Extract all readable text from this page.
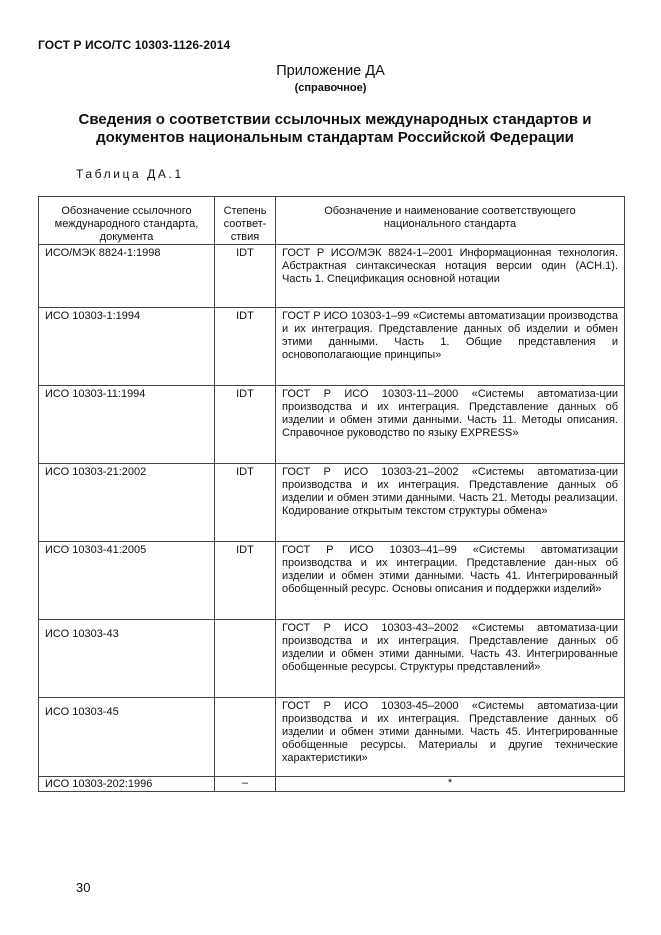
ГОСТ Р ИСО/ТС 10303-1126-2014
Приложение ДА
(справочное)
Сведения о соответствии ссылочных международных стандартов и документов национальным стандартам Российской Федерации
Таблица ДА.1
Обозначение ссылочного международного стандарта, документа	Степень соответ-ствия	Обозначение и наименование соответствующего национального стандарта
ИСО/МЭК 8824-1:1998	IDT	ГОСТ Р ИСО/МЭК 8824-1–2001 Информационная технология. Абстрактная синтаксическая нотация версии один (АСН.1). Часть 1. Спецификация основной нотации
ИСО 10303-1:1994	IDT	ГОСТ Р ИСО 10303-1–99 «Системы автоматизации производства и их интеграция. Представление данных об изделии и обмен этими данными. Часть 1. Общие представления и основополагающие принципы»
ИСО 10303-11:1994	IDT	ГОСТ Р ИСО 10303-11–2000 «Системы автоматиза-ции производства и их интеграция. Представление данных об изделии и обмен этими данными. Часть 11. Методы описания. Справочное руководство по языку EXPRESS»
ИСО 10303-21:2002	IDT	ГОСТ Р ИСО 10303-21–2002 «Системы автоматиза-ции производства и их интеграция. Представление данных об изделии и обмен этими данными. Часть 21. Методы реализации. Кодирование открытым текстом структуры обмена»
ИСО 10303-41:2005	IDT	ГОСТ Р ИСО 10303–41–99 «Системы автоматизации производства и их интеграции. Представление дан-ных об изделии и обмен этими данными. Часть 41. Интегрированный обобщенный ресурс. Основы описания и поддержки изделий»
ИСО 10303-43		ГОСТ Р ИСО 10303-43–2002 «Системы автоматиза-ции производства и их интеграция. Представление данных об изделии и обмен этими данными. Часть 43. Интегрированные обобщенные ресурсы. Структуры представлений»
ИСО 10303-45		ГОСТ Р ИСО 10303-45–2000 «Системы автоматиза-ции производства и их интеграция. Представление данных об изделии и обмен этими данными. Часть 45. Интегрированные обобщенные ресурсы. Материалы и другие технические характеристики»
ИСО 10303-202:1996	–	*
30
